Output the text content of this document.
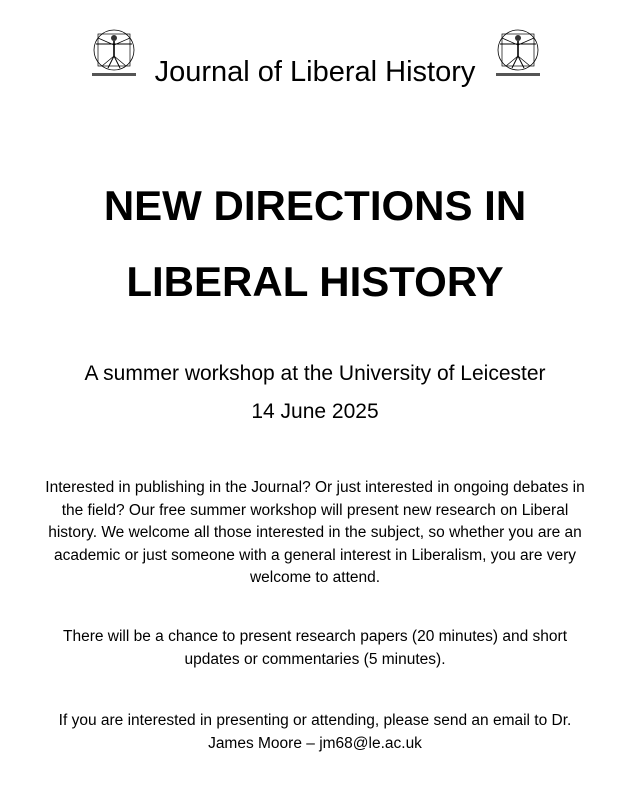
Journal of Liberal History
NEW DIRECTIONS IN
LIBERAL HISTORY
A summer workshop at the University of Leicester
14 June 2025
Interested in publishing in the Journal? Or just interested in ongoing debates in the field? Our free summer workshop will present new research on Liberal history. We welcome all those interested in the subject, so whether you are an academic or just someone with a general interest in Liberalism, you are very welcome to attend.
There will be a chance to present research papers (20 minutes) and short updates or commentaries (5 minutes).
If you are interested in presenting or attending, please send an email to Dr. James Moore – jm68@le.ac.uk
